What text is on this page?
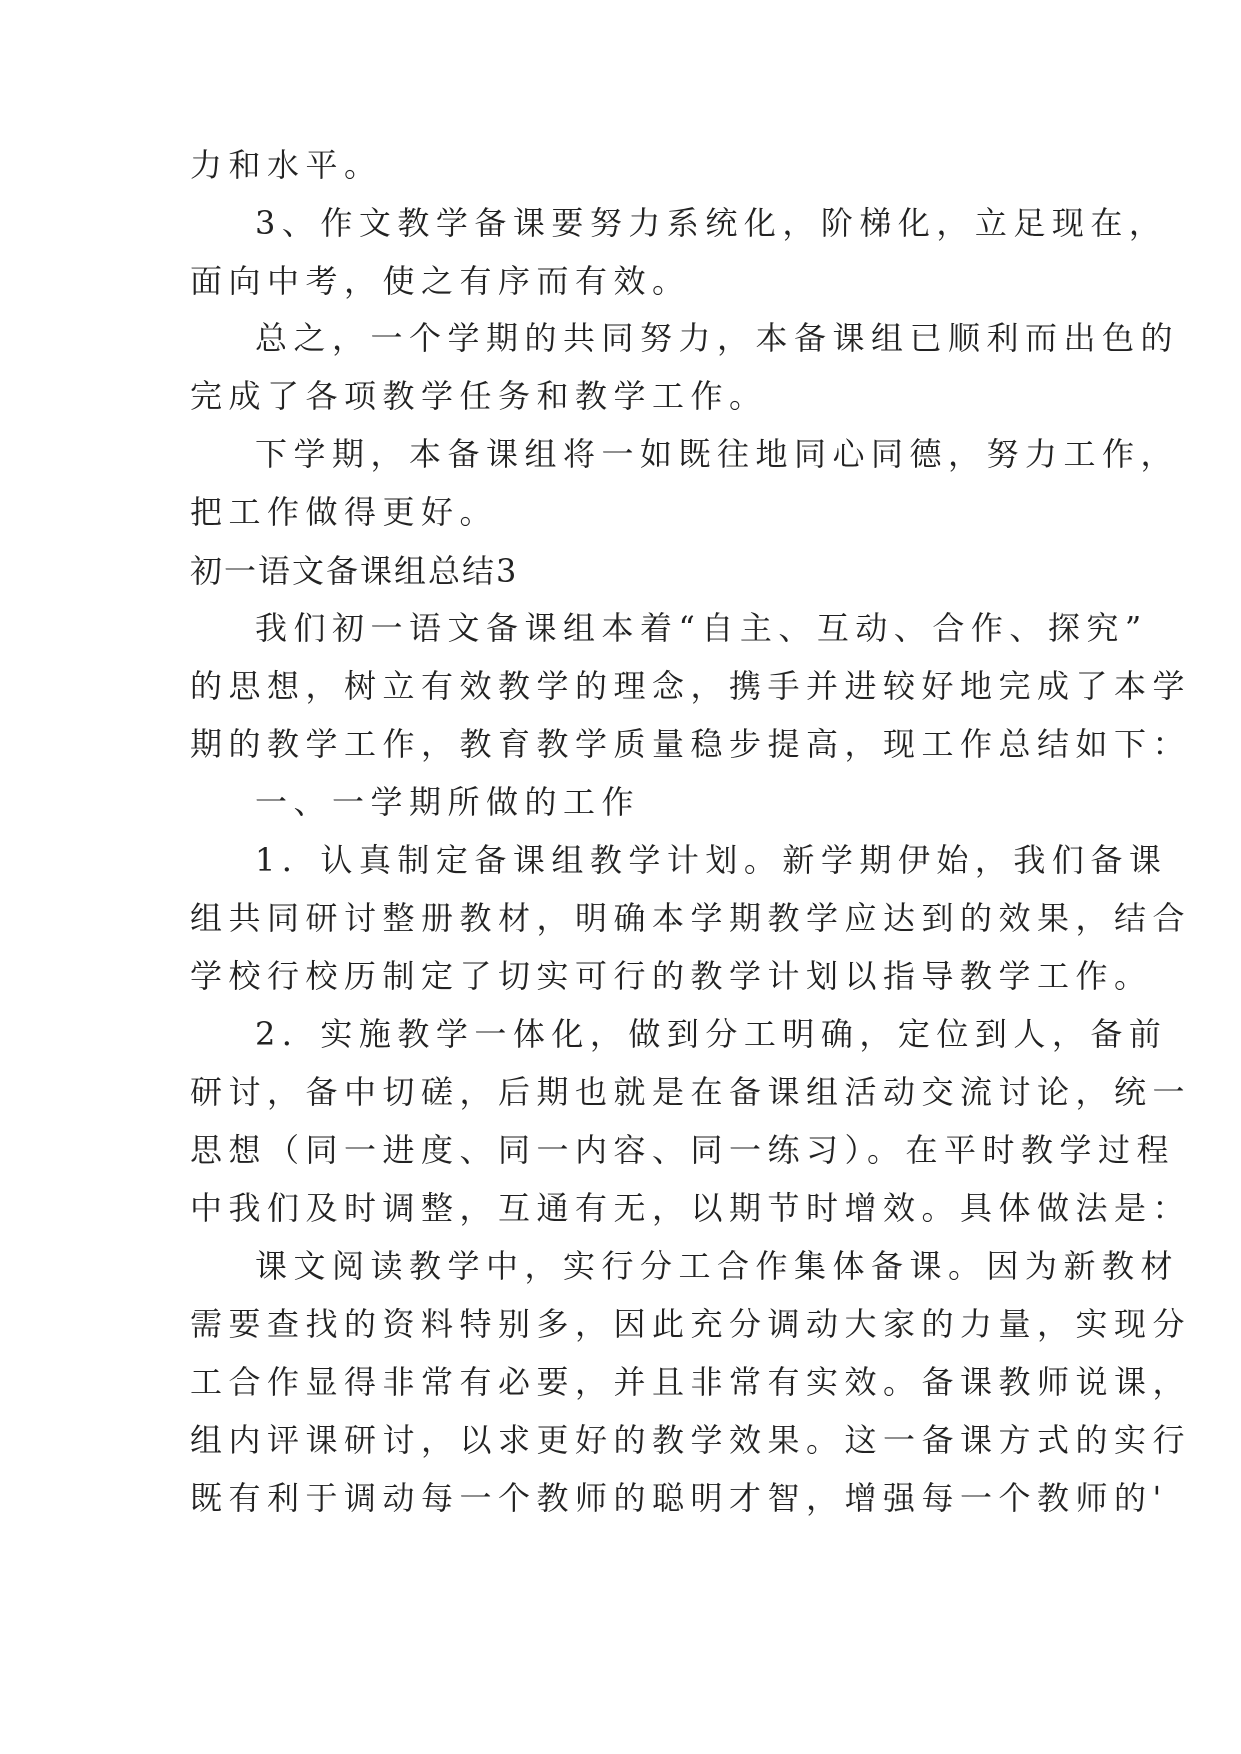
力和水平。
3、作文教学备课要努力系统化，阶梯化，立足现在，
面向中考，使之有序而有效。
总之，一个学期的共同努力，本备课组已顺利而出色的
完成了各项教学任务和教学工作。
下学期，本备课组将一如既往地同心同德，努力工作，
把工作做得更好。
初一语文备课组总结3
我们初一语文备课组本着“自主、互动、合作、探究”
的思想，树立有效教学的理念，携手并进较好地完成了本学
期的教学工作，教育教学质量稳步提高，现工作总结如下：
一、一学期所做的工作
1．认真制定备课组教学计划。新学期伊始，我们备课
组共同研讨整册教材，明确本学期教学应达到的效果，结合
学校行校历制定了切实可行的教学计划以指导教学工作。
2．实施教学一体化，做到分工明确，定位到人，备前
研讨，备中切磋，后期也就是在备课组活动交流讨论，统一
思想（同一进度、同一内容、同一练习）。在平时教学过程
中我们及时调整，互通有无，以期节时增效。具体做法是：
课文阅读教学中，实行分工合作集体备课。因为新教材
需要查找的资料特别多，因此充分调动大家的力量，实现分
工合作显得非常有必要，并且非常有实效。备课教师说课，
组内评课研讨，以求更好的教学效果。这一备课方式的实行
既有利于调动每一个教师的聪明才智，增强每一个教师的'
